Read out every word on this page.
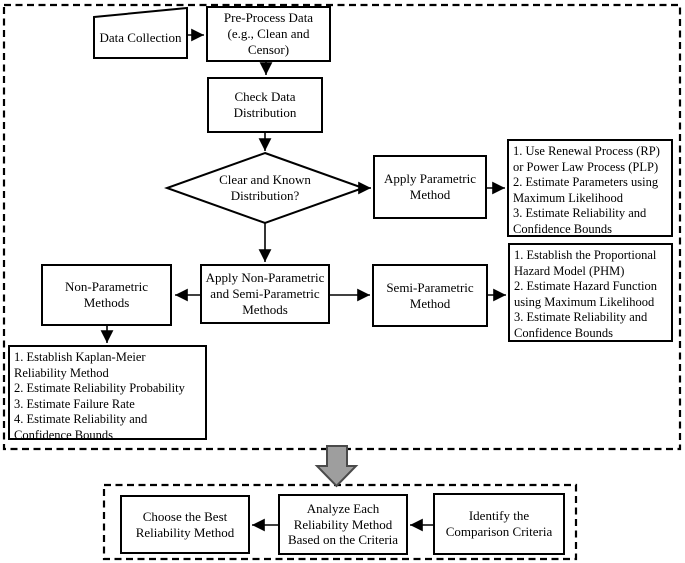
Data Collection
Clear and Known Distribution?
Pre-Process Data (e.g., Clean and Censor)
Check Data Distribution
Apply Parametric Method
1. Use Renewal Process (RP) or Power Law Process (PLP)
2. Estimate Parameters using Maximum Likelihood
3. Estimate Reliability and Confidence Bounds
Non-Parametric Methods
Apply Non-Parametric and Semi-Parametric Methods
Semi-Parametric Method
1. Establish the Proportional Hazard Model (PHM)
2. Estimate Hazard Function using Maximum Likelihood
3. Estimate Reliability and Confidence Bounds
1. Establish Kaplan-Meier Reliability Method
2. Estimate Reliability Probability
3. Estimate Failure Rate
4. Estimate Reliability and Confidence Bounds
Choose the Best Reliability Method
Analyze Each Reliability Method Based on the Criteria
Identify the Comparison Criteria
